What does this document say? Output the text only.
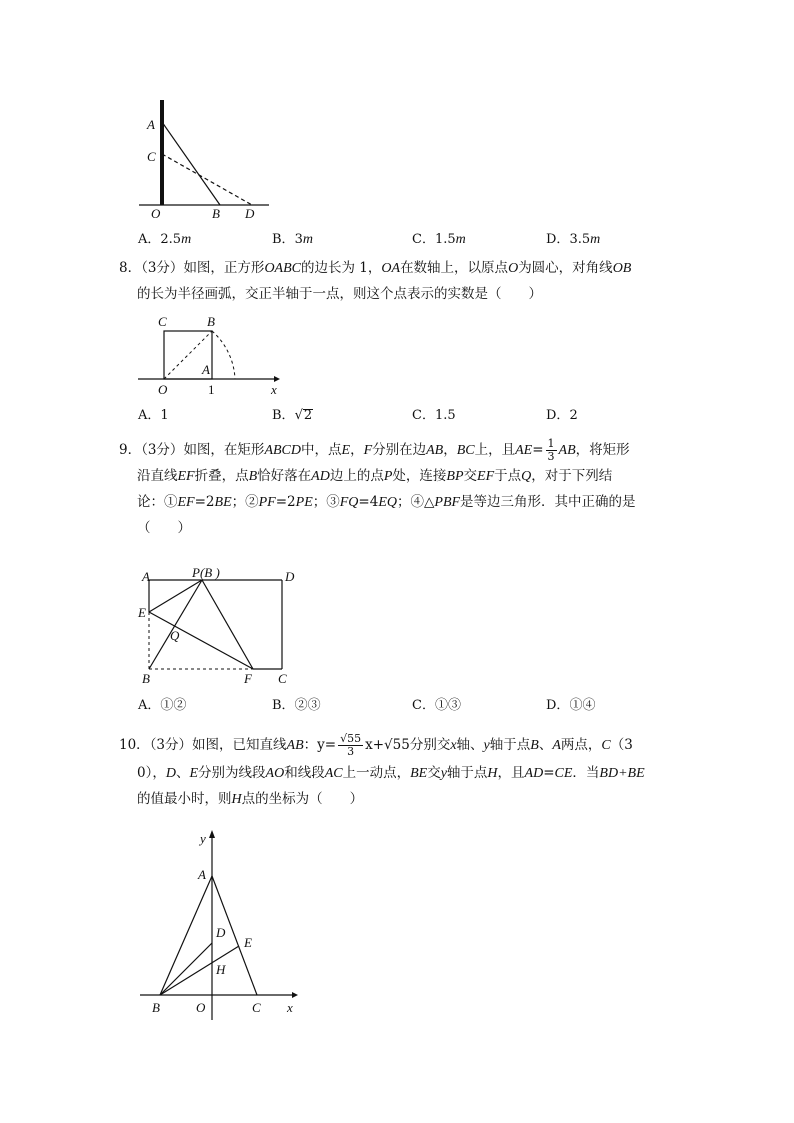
A
C
O	B D
A．2.5m	B．3m	C．1.5m	D．3.5m
8．（3分）如图，正方形OABC的边长为 1，OA在数轴上，以原点O为圆心，对角线OB
的长为半径画弧，交正半轴于一点，则这个点表示的实数是（　　）
C	B
A
O	1	x
A．1	B．√2	C．1.5	D．2
9．（3分）如图，在矩形ABCD中，点E，F分别在边AB，BC上，且$AE= \frac{1}{3}$ AB，将矩形
沿直线EF折叠，点B恰好落在AD边上的点P处，连接BP交EF于点Q，对于下列结
论：①EF=2BE；②PF=2PE；③FQ=4EQ；④△PBF是等边三角形．其中正确的是
（　　）
A	P(B )	D
E
Q
B	F C
A．①②	B．②③	C．①③	D．①④
10．（3分）如图，已知直线AB：$y= \frac{√55}{3} x+√55$分别交x轴、y轴于点B、A两点，C（3
0），D、E分别为线段AO和线段AC上一动点，BE交y轴于点H，且AD=CE．当BD+BE
的值最小时，则H点的坐标为（　　）
y
A
D
E
H
B	O	C x
